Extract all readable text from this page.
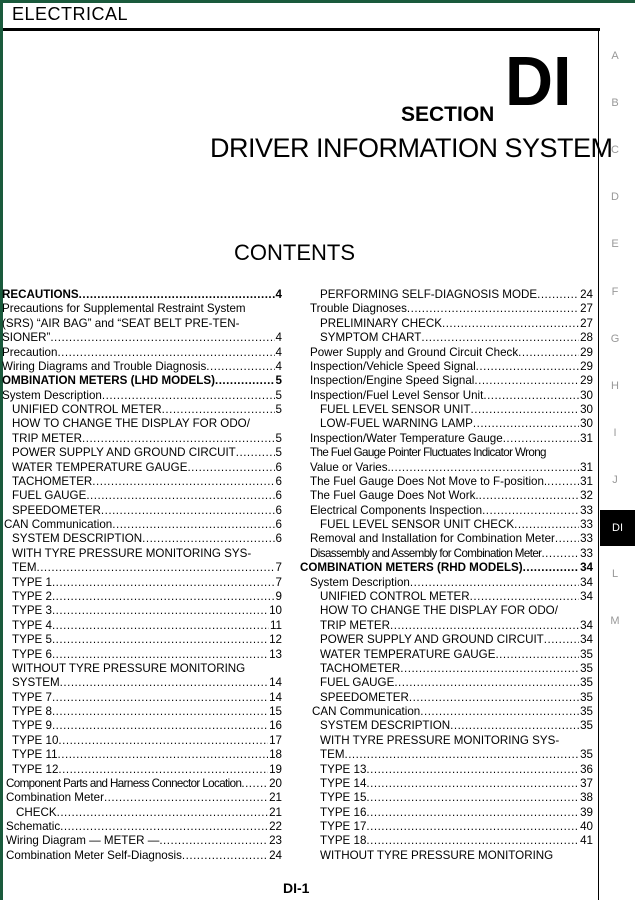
ELECTRICAL
SECTION DI
DRIVER INFORMATION SYSTEM
CONTENTS
RECAUTIONS .....	4
Precautions for Supplemental Restraint System
(SRS) “AIR BAG” and “SEAT BELT PRE-TEN-
SIONER” .....	4
Precaution .....	4
Wiring Diagrams and Trouble Diagnosis .....	4
OMBINATION METERS (LHD MODELS) .....	5
System Description .....	5
UNIFIED CONTROL METER .....	5
HOW TO CHANGE THE DISPLAY FOR ODO/
TRIP METER .....	5
POWER SUPPLY AND GROUND CIRCUIT .....	5
WATER TEMPERATURE GAUGE .....	6
TACHOMETER .....	6
FUEL GAUGE .....	6
SPEEDOMETER .....	6
CAN Communication .....	6
SYSTEM DESCRIPTION .....	6
WITH TYRE PRESSURE MONITORING SYS-
TEM .....	7
TYPE 1 .....	7
TYPE 2 .....	9
TYPE 3 .....	10
TYPE 4 .....	11
TYPE 5 .....	12
TYPE 6 .....	13
WITHOUT TYRE PRESSURE MONITORING
SYSTEM .....	14
TYPE 7 .....	14
TYPE 8 .....	15
TYPE 9 .....	16
TYPE 10 .....	17
TYPE 11 .....	18
TYPE 12 .....	19
Component Parts and Harness Connector Location ..... 20
Combination Meter .....	21
CHECK .....	21
Schematic .....	22
Wiring Diagram — METER — .....	23
Combination Meter Self-Diagnosis .....	24
PERFORMING SELF-DIAGNOSIS MODE .....	24
Trouble Diagnoses .....	27
PRELIMINARY CHECK .....	27
SYMPTOM CHART .....	28
Power Supply and Ground Circuit Check .....	29
Inspection/Vehicle Speed Signal .....	29
Inspection/Engine Speed Signal .....	29
Inspection/Fuel Level Sensor Unit .....	30
FUEL LEVEL SENSOR UNIT .....	30
LOW-FUEL WARNING LAMP .....	30
Inspection/Water Temperature Gauge .....	31
The Fuel Gauge Pointer Fluctuates Indicator Wrong
Value or Varies. .....	31
The Fuel Gauge Does Not Move to F-position. .....	31
The Fuel Gauge Does Not Work. .....	32
Electrical Components Inspection .....	33
FUEL LEVEL SENSOR UNIT CHECK .....	33
Removal and Installation for Combination Meter ..... 33
Disassembly and Assembly for Combination Meter .....	33
COMBINATION METERS (RHD MODELS) .....	34
System Description .....	34
UNIFIED CONTROL METER .....	34
HOW TO CHANGE THE DISPLAY FOR ODO/
TRIP METER .....	34
POWER SUPPLY AND GROUND CIRCUIT .....	34
WATER TEMPERATURE GAUGE .....	35
TACHOMETER .....	35
FUEL GAUGE .....	35
SPEEDOMETER .....	35
CAN Communication .....	35
SYSTEM DESCRIPTION .....	35
WITH TYRE PRESSURE MONITORING SYS-
TEM .....	35
TYPE 13 .....	36
TYPE 14 .....	37
TYPE 15 .....	38
TYPE 16 .....	39
TYPE 17 .....	40
TYPE 18 .....	41
WITHOUT TYRE PRESSURE MONITORING
A
B
C
D
E
F
G
H
I
J
DI
L
M
DI-1
